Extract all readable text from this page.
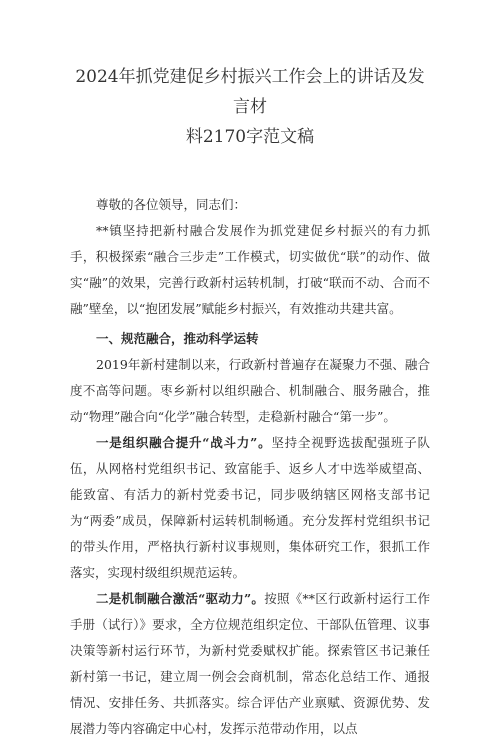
2024年抓党建促乡村振兴工作会上的讲话及发言材
料2170字范文稿

尊敬的各位领导，同志们：

**镇坚持把新村融合发展作为抓党建促乡村振兴的有力抓手，积极探索“融合三步走”工作模式，切实做优“联”的动作、做实“融”的效果，完善行政新村运转机制，打破“联而不动、合而不融”壁垒，以“抱团发展”赋能乡村振兴，有效推动共建共富。

一、规范融合，推动科学运转

2019年新村建制以来，行政新村普遍存在凝聚力不强、融合度不高等问题。枣乡新村以组织融合、机制融合、服务融合，推动“物理”融合向“化学”融合转型，走稳新村融合“第一步”。

一是组织融合提升“战斗力”。坚持全视野选拔配强班子队伍，从网格村党组织书记、致富能手、返乡人才中选举威望高、能致富、有活力的新村党委书记，同步吸纳辖区网格支部书记为“两委”成员，保障新村运转机制畅通。充分发挥村党组织书记的带头作用，严格执行新村议事规则，集体研究工作，狠抓工作落实，实现村级组织规范运转。

二是机制融合激活“驱动力”。按照《**区行政新村运行工作手册（试行）》要求，全方位规范组织定位、干部队伍管理、议事决策等新村运行环节，为新村党委赋权扩能。探索管区书记兼任新村第一书记，建立周一例会会商机制，常态化总结工作、通报情况、安排任务、共抓落实。综合评估产业禀赋、资源优势、发展潜力等内容确定中心村，发挥示范带动作用，以点
